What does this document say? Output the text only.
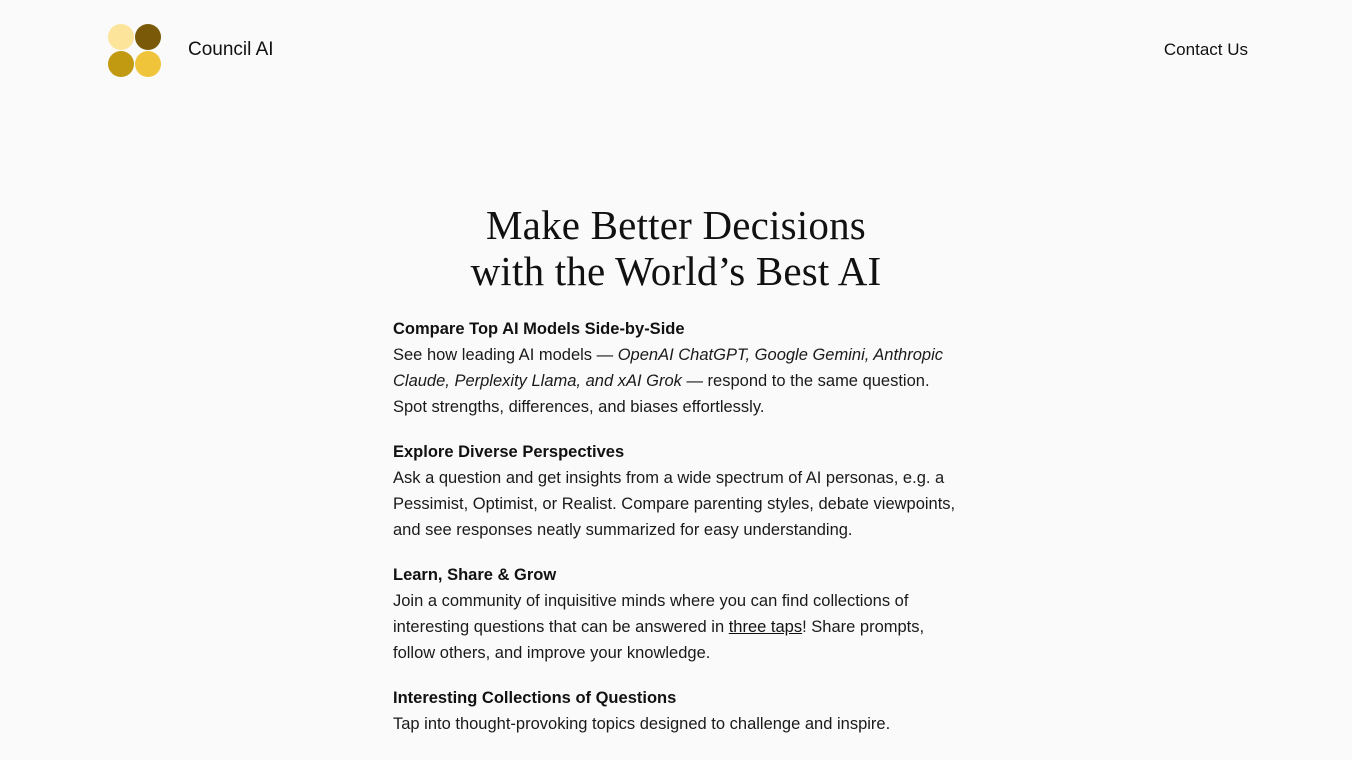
Council AI	Contact Us
Make Better Decisions
with the World’s Best AI
Compare Top AI Models Side-by-Side
See how leading AI models — OpenAI ChatGPT, Google Gemini, Anthropic Claude, Perplexity Llama, and xAI Grok — respond to the same question. Spot strengths, differences, and biases effortlessly.
Explore Diverse Perspectives
Ask a question and get insights from a wide spectrum of AI personas, e.g. a Pessimist, Optimist, or Realist. Compare parenting styles, debate viewpoints, and see responses neatly summarized for easy understanding.
Learn, Share & Grow
Join a community of inquisitive minds where you can find collections of interesting questions that can be answered in three taps! Share prompts, follow others, and improve your knowledge.
Interesting Collections of Questions
Tap into thought-provoking topics designed to challenge and inspire.
